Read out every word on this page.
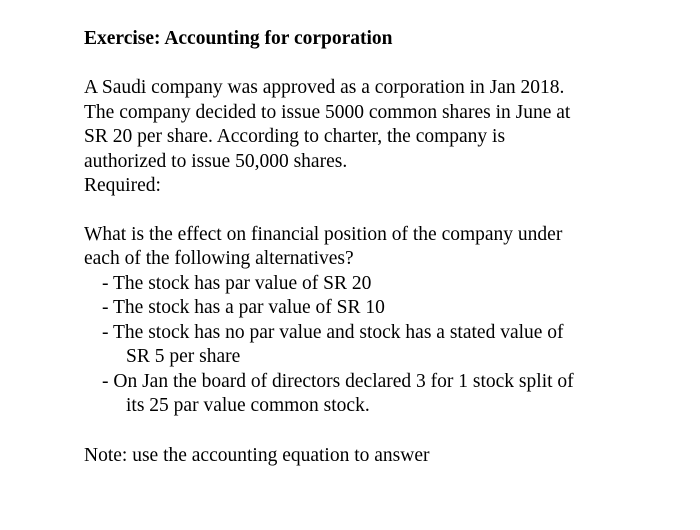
Exercise: Accounting for corporation
A Saudi company was approved as a corporation in Jan 2018.
The company decided to issue 5000 common shares in June at
SR 20 per share. According to charter, the company is
authorized to issue 50,000 shares.
Required:
What is the effect on financial position of the company under
each of the following alternatives?
- The stock has par value of SR 20
- The stock has a par value of SR 10
- The stock has no par value and stock has a stated value of
SR 5 per share
- On Jan the board of directors declared 3 for 1 stock split of
its 25 par value common stock.
Note: use the accounting equation to answer
